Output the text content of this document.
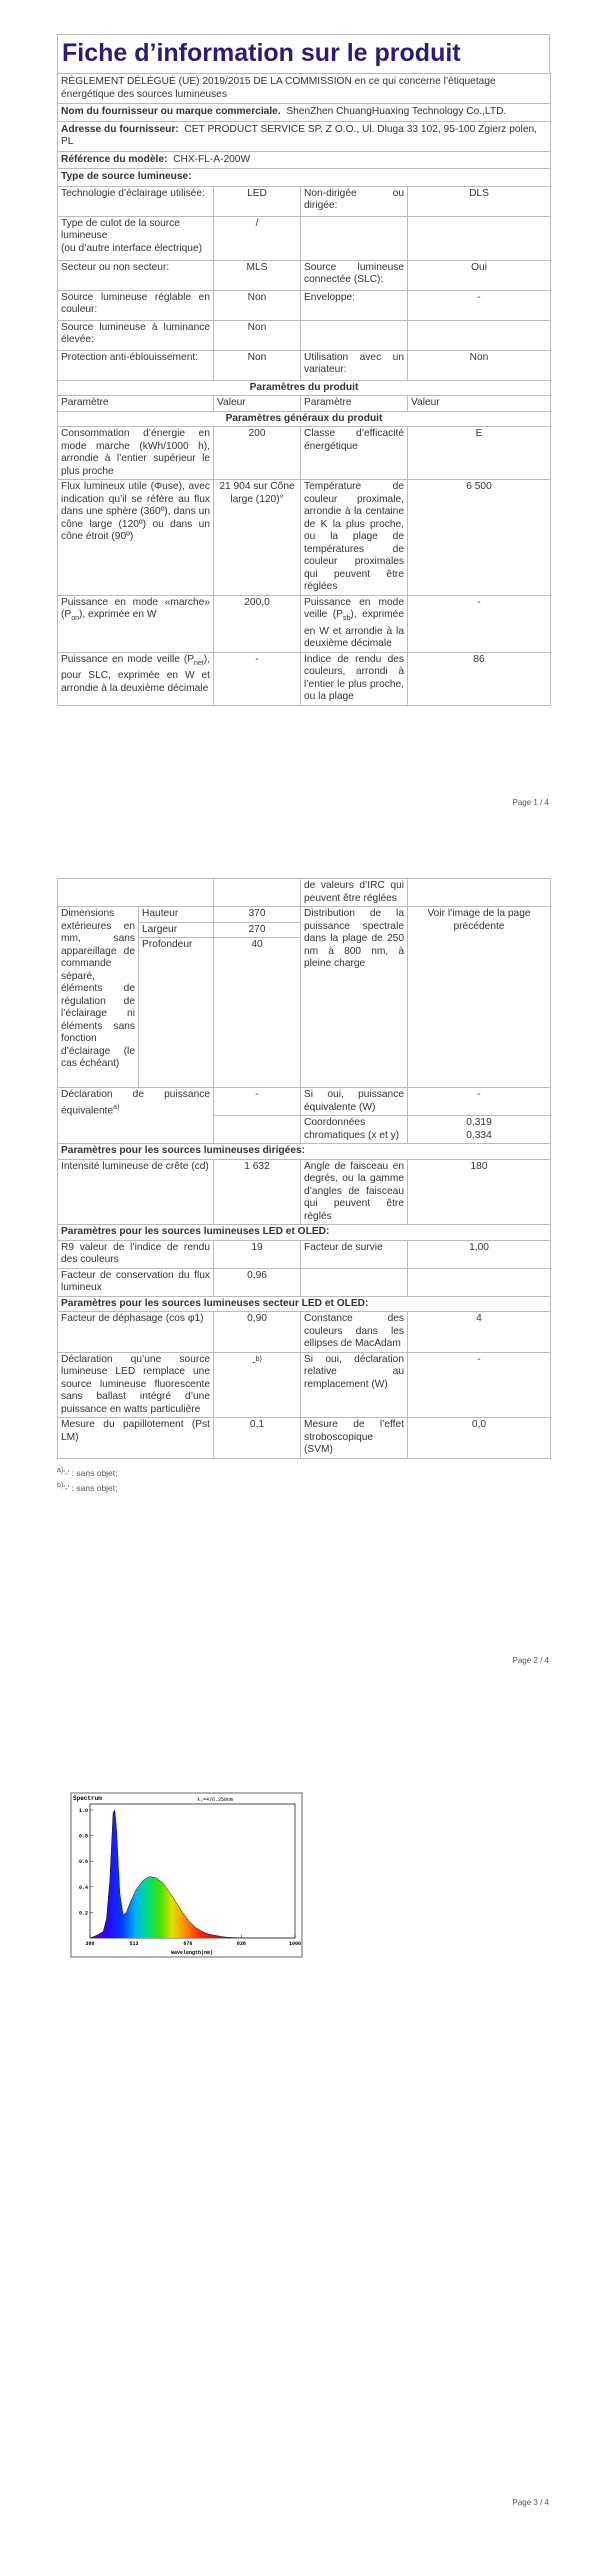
Fiche d’information sur le produit
RÈGLEMENT DÉLÉGUÉ (UE) 2019/2015 DE LA COMMISSION en ce qui concerne l’étiquetage énergétique des sources lumineuses			
Nom du fournisseur ou marque commerciale. ShenZhen ChuangHuaxing Technology Co.,LTD.			
Adresse du fournisseur: CET PRODUCT SERVICE SP. Z O.O., Ul. Dluga 33 102, 95-100 Zgierz polen, PL			
Référence du modèle: CHX-FL-A-200W			
Type de source lumineuse:			
Technologie d’éclairage utilisée:	LED	Non-dirigée ou dirigée:	DLS
Type de culot de la source lumineuse
(ou d’autre interface électrique)	/		
Secteur ou non secteur:	MLS	Source lumineuse connectée (SLC):	Oui
Source lumineuse réglable en couleur:	Non	Enveloppe:	-
Source lumineuse à luminance élevée:	Non		
Protection anti-éblouissement:	Non	Utilisation avec un variateur:	Non
Paramètres du produit			
Paramètre	Valeur	Paramètre	Valeur
Paramètres généraux du produit			
Consommation d’énergie en mode marche (kWh/1000 h), arrondie à l’entier supérieur le plus proche	200	Classe d’efficacité énergétique	E
Flux lumineux utile (Φuse), avec indication qu’il se réfère au flux dans une sphère (360º), dans un cône large (120º) ou dans un cône étroit (90º)	21 904 sur Cône large (120)°	Température de couleur proximale, arrondie à la centaine de K la plus proche, ou la plage de températures de couleur proximales qui peuvent être réglées	6 500
Puissance en mode «marche» $(P_{on})$, exprimée en W	200,0	Puissance en mode veille $(P_{sb})$, exprimée en W et arrondie à la deuxième décimale	-
Puissance en mode veille $(P_{net})$, pour SLC, exprimée en W et arrondie à la deuxième décimale	-	Indice de rendu des couleurs, arrondi à l’entier le plus proche, ou la plage	86
Page 1 / 4
			de valeurs d’IRC qui peuvent être réglées	
Dimensions extérieures en mm, sans appareillage de commande séparé, éléments de régulation de l’éclairage ni éléments sans fonction d’éclairage (le cas échéant)	Hauteur	370	Distribution de la puissance spectrale dans la plage de 250 nm à 800 nm, à pleine charge	Voir l’image de la page précédente
	Largeur	270		
	Profondeur	40		
Déclaration de puissance équivalente$^{a)}$		-	Si oui, puissance équivalente (W)	-
			Coordonnées chromatiques (x et y)	0,319
0,334
Paramètres pour les sources lumineuses dirigées:				
Intensité lumineuse de crête (cd)		1 632	Angle de faisceau en degrés, ou la gamme d’angles de faisceau qui peuvent être réglés	180
Paramètres pour les sources lumineuses LED et OLED:				
R9 valeur de l’indice de rendu des couleurs		19	Facteur de survie	1,00
Facteur de conservation du flux lumineux		0,96		
Paramètres pour les sources lumineuses secteur LED et OLED:				
Facteur de déphasage (cos φ1)		0,90	Constance des couleurs dans les ellipses de MacAdam	4
Déclaration qu’une source lumineuse LED remplace une source lumineuse fluorescente sans ballast intégré d’une puissance en watts particulière		-$^{b)}$	Si oui, déclaration relative au remplacement (W)	-
Mesure du papillotement (Pst LM)		0,1	Mesure de l’effet stroboscopique (SVM)	0,0
$^{a)}$'-' : sans objet;
$^{b)}$'-' : sans objet;
Page 2 / 4
Spectrum	λ₀=476.250nm
1.0
0.8
0.6
0.4
0.2
380	513	676	838	1000
Wavelength(nm)
Page 3 / 4
